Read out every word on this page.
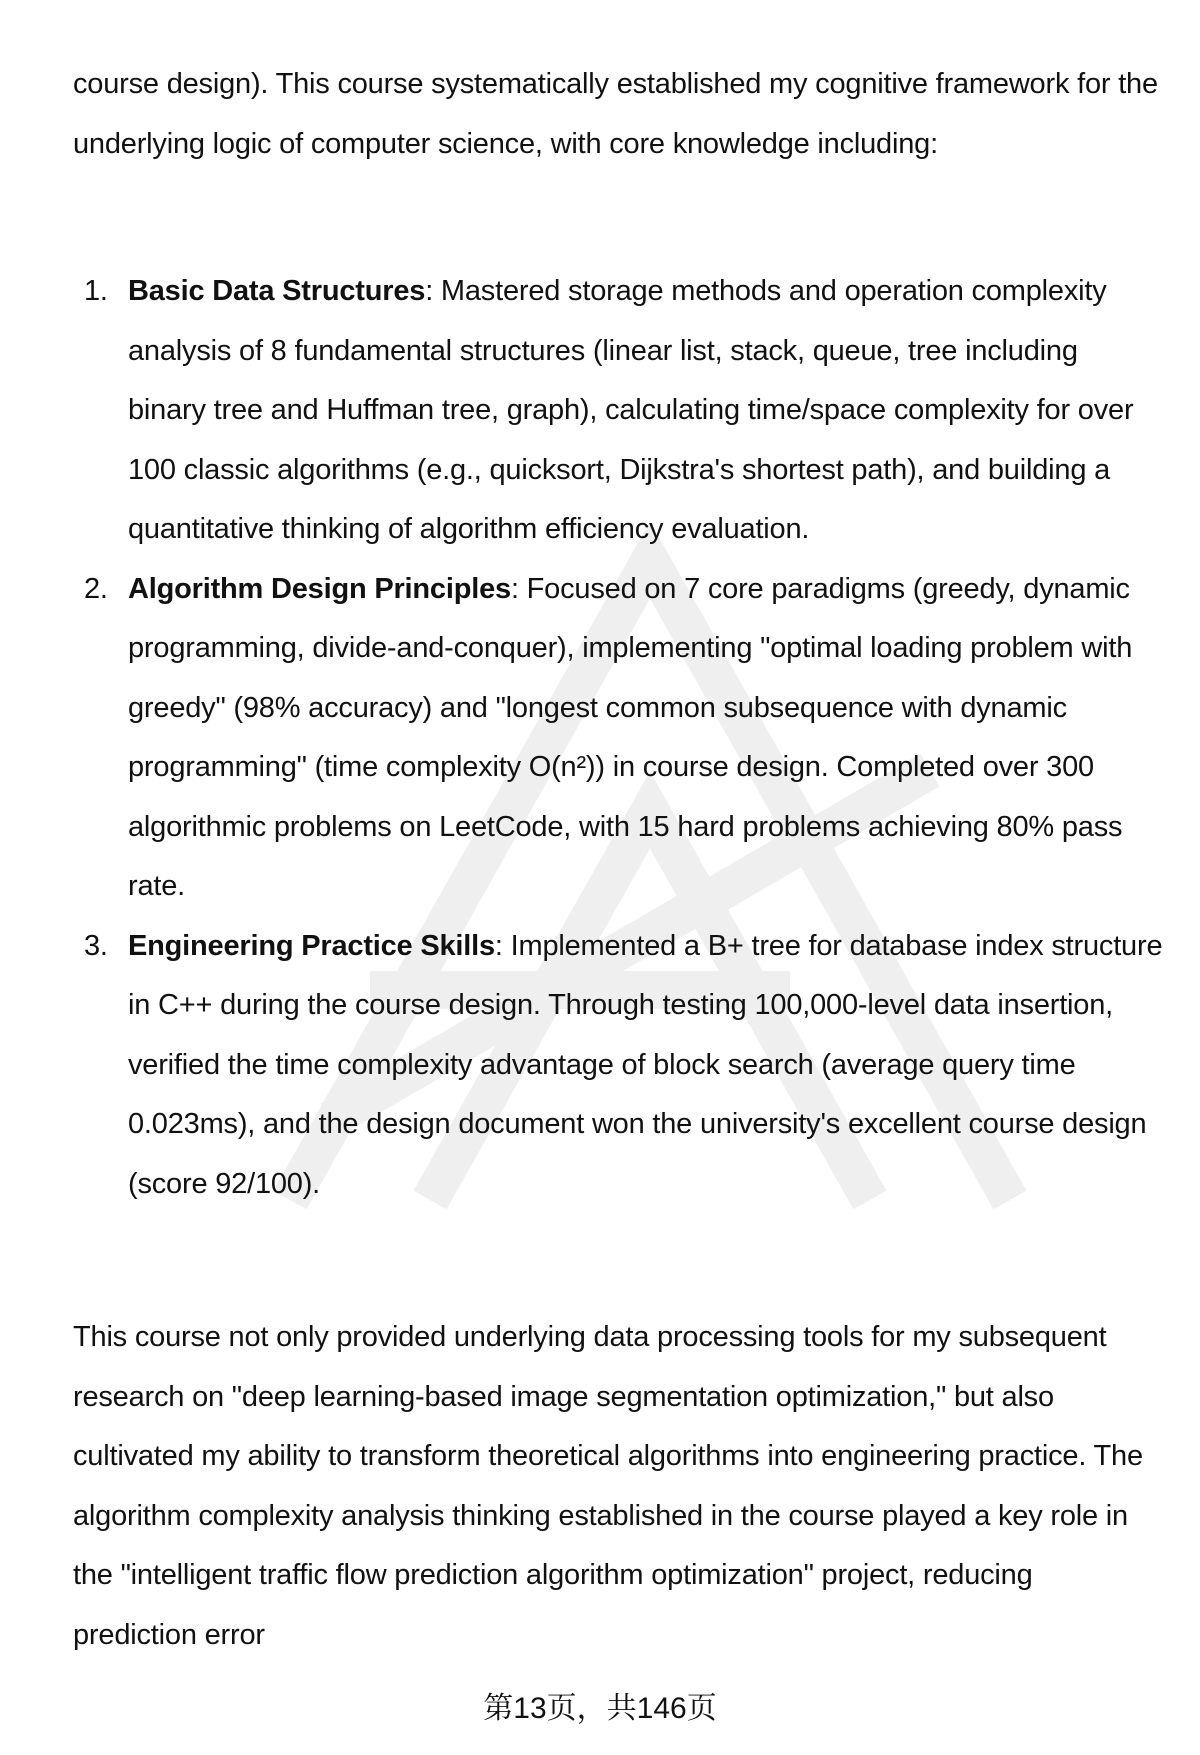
course design). This course systematically established my cognitive framework for the underlying logic of computer science, with core knowledge including:

1. Basic Data Structures: Mastered storage methods and operation complexity analysis of 8 fundamental structures (linear list, stack, queue, tree including binary tree and Huffman tree, graph), calculating time/space complexity for over 100 classic algorithms (e.g., quicksort, Dijkstra's shortest path), and building a quantitative thinking of algorithm efficiency evaluation.
2. Algorithm Design Principles: Focused on 7 core paradigms (greedy, dynamic programming, divide-and-conquer), implementing "optimal loading problem with greedy" (98% accuracy) and "longest common subsequence with dynamic programming" (time complexity O(n²)) in course design. Completed over 300 algorithmic problems on LeetCode, with 15 hard problems achieving 80% pass rate.
3. Engineering Practice Skills: Implemented a B+ tree for database index structure in C++ during the course design. Through testing 100,000-level data insertion, verified the time complexity advantage of block search (average query time 0.023ms), and the design document won the university's excellent course design (score 92/100).

This course not only provided underlying data processing tools for my subsequent research on "deep learning-based image segmentation optimization," but also cultivated my ability to transform theoretical algorithms into engineering practice. The algorithm complexity analysis thinking established in the course played a key role in the "intelligent traffic flow prediction algorithm optimization" project, reducing prediction error

第13页，共146页
